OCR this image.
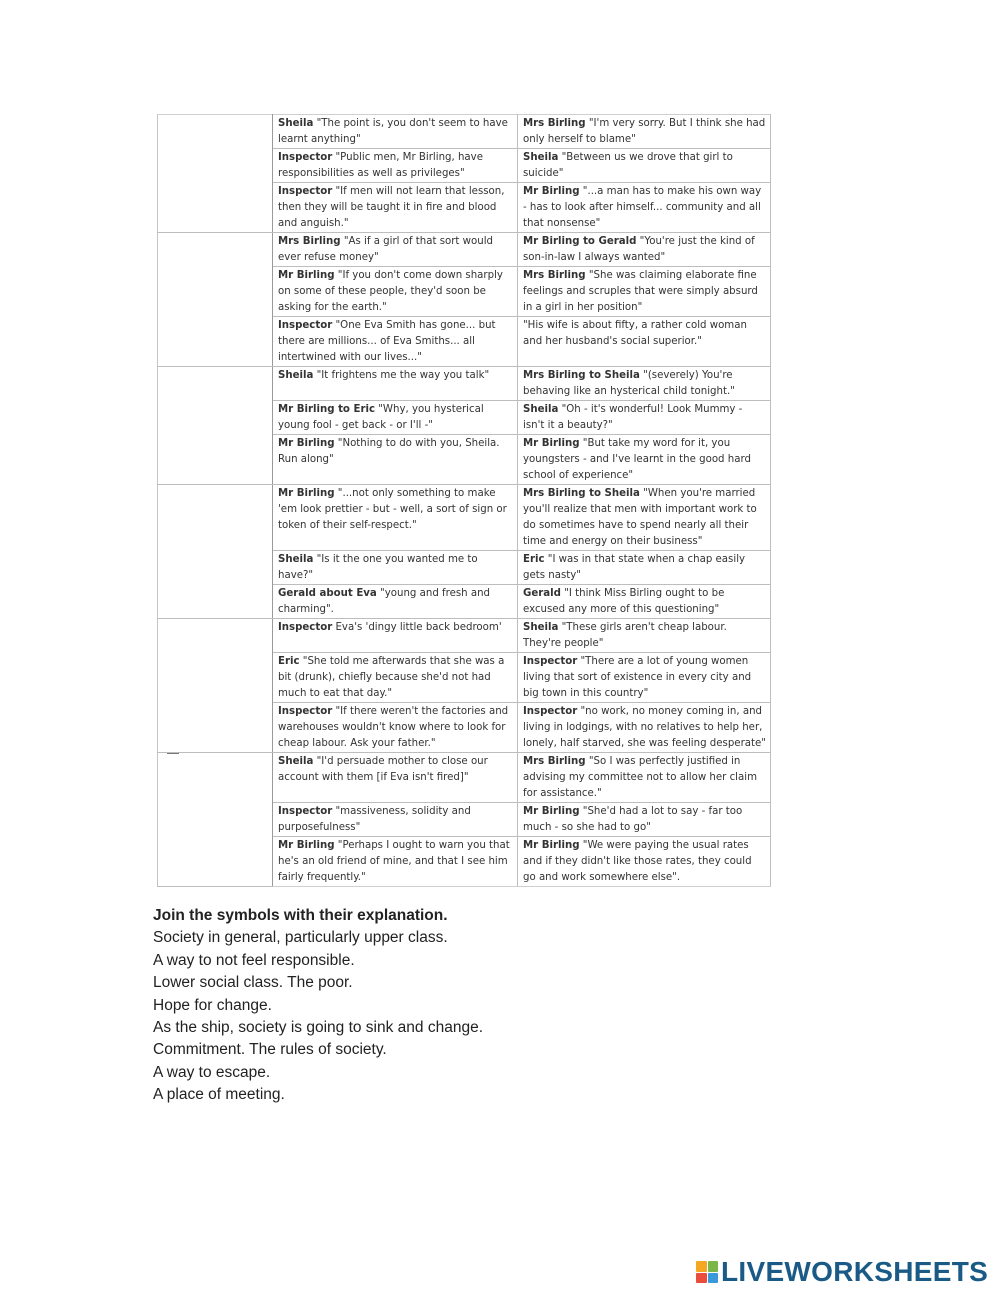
	Sheila "The point is, you don't seem to have learnt anything"	Mrs Birling "I'm very sorry. But I think she had only herself to blame"
	Inspector "Public men, Mr Birling, have responsibilities as well as privileges"	Sheila "Between us we drove that girl to suicide"
	Inspector "If men will not learn that lesson, then they will be taught it in fire and blood and anguish."	Mr Birling "...a man has to make his own way - has to look after himself... community and all that nonsense"
	Mrs Birling "As if a girl of that sort would ever refuse money"	Mr Birling to Gerald "You're just the kind of son-in-law I always wanted"
	Mr Birling "If you don't come down sharply on some of these people, they'd soon be asking for the earth."	Mrs Birling "She was claiming elaborate fine feelings and scruples that were simply absurd in a girl in her position"
	Inspector "One Eva Smith has gone... but there are millions... of Eva Smiths... all intertwined with our lives..."	"His wife is about fifty, a rather cold woman and her husband's social superior."
	Sheila "It frightens me the way you talk"	Mrs Birling to Sheila "(severely) You're behaving like an hysterical child tonight."
	Mr Birling to Eric "Why, you hysterical young fool - get back - or I'll -"	Sheila "Oh - it's wonderful! Look Mummy - isn't it a beauty?"
	Mr Birling "Nothing to do with you, Sheila. Run along"	Mr Birling "But take my word for it, you youngsters - and I've learnt in the good hard school of experience"
	Mr Birling "...not only something to make 'em look prettier - but - well, a sort of sign or token of their self-respect."	Mrs Birling to Sheila "When you're married you'll realize that men with important work to do sometimes have to spend nearly all their time and energy on their business"
	Sheila "Is it the one you wanted me to have?"	Eric "I was in that state when a chap easily gets nasty"
	Gerald about Eva "young and fresh and charming".	Gerald "I think Miss Birling ought to be excused any more of this questioning"
	Inspector Eva's 'dingy little back bedroom'	Sheila "These girls aren't cheap labour. They're people"
	Eric "She told me afterwards that she was a bit (drunk), chiefly because she'd not had much to eat that day."	Inspector "There are a lot of young women living that sort of existence in every city and big town in this country"
	Inspector "If there weren't the factories and warehouses wouldn't know where to look for cheap labour. Ask your father."	Inspector "no work, no money coming in, and living in lodgings, with no relatives to help her, lonely, half starved, she was feeling desperate"

	Sheila "I'd persuade mother to close our account with them [if Eva isn't fired]"	Mrs Birling "So I was perfectly justified in advising my committee not to allow her claim for assistance."
	Inspector "massiveness, solidity and purposefulness"	Mr Birling "She'd had a lot to say - far too much - so she had to go"
	Mr Birling "Perhaps I ought to warn you that he's an old friend of mine, and that I see him fairly frequently."	Mr Birling "We were paying the usual rates and if they didn't like those rates, they could go and work somewhere else".
Join the symbols with their explanation.

Society in general, particularly upper class.

A way to not feel responsible.

Lower social class. The poor.

Hope for change.

As the ship, society is going to sink and change.

Commitment. The rules of society.

A way to escape.

A place of meeting.

LIVEWORKSHEETS
